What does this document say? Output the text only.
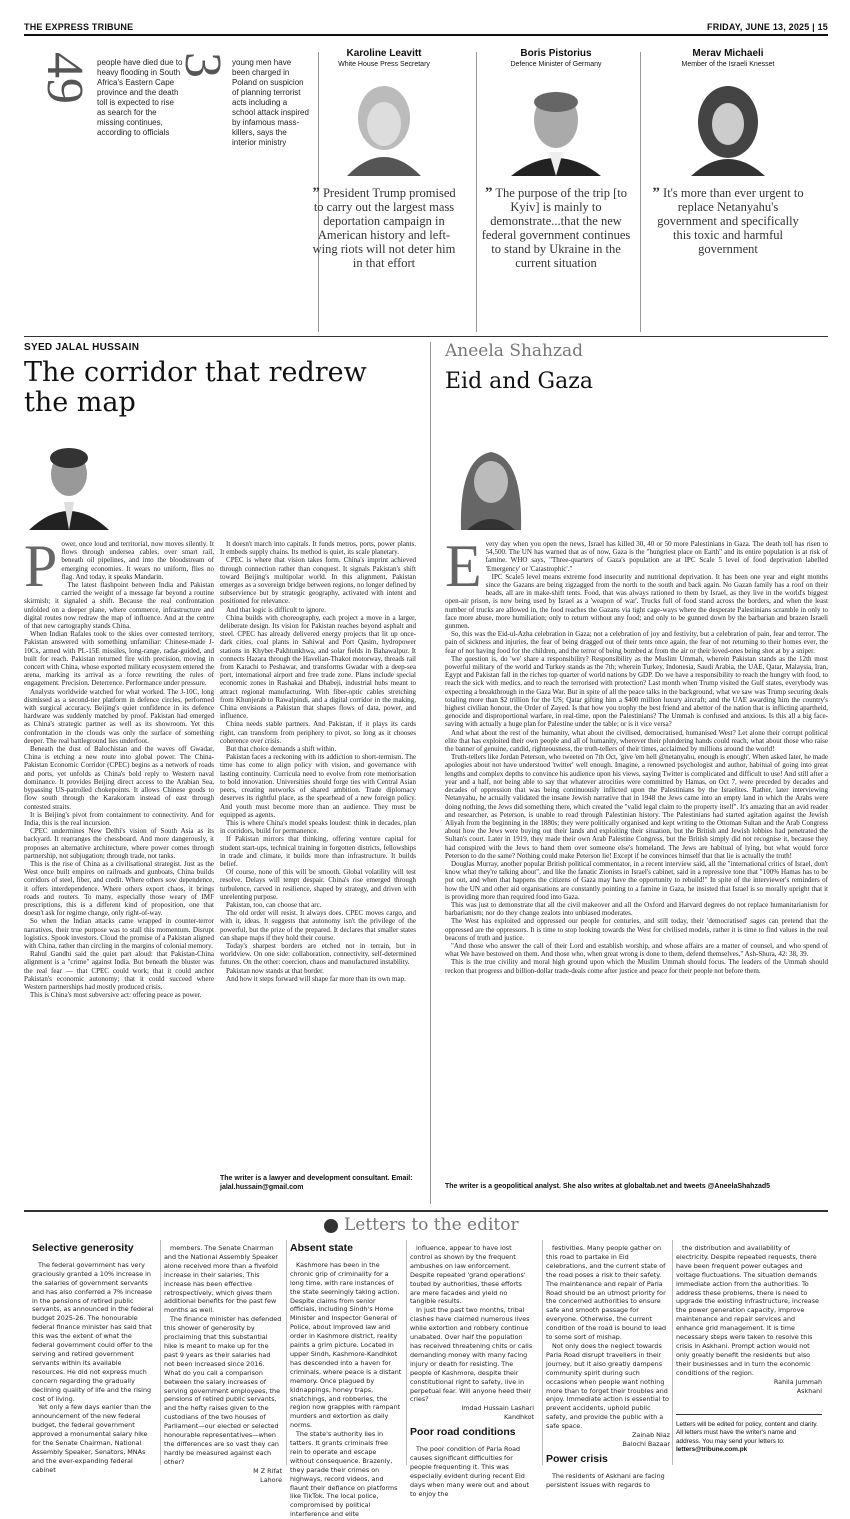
THE EXPRESS TRIBUNE	FRIDAY, JUNE 13, 2025 | 15
49 people have died due to heavy flooding in South Africa's Eastern Cape province and the death toll is expected to rise as search for the missing continues, according to officials
3 young men have been charged in Poland on suspicion of planning terrorist acts including a school attack inspired by infamous mass-killers, says the interior ministry
Karoline Leavitt
White House Press Secretary
” President Trump promised to carry out the largest mass deportation campaign in American history and left-wing riots will not deter him in that effort
Boris Pistorius
Defence Minister of Germany
” The purpose of the trip [to Kyiv] is mainly to demonstrate...that the new federal government continues to stand by Ukraine in the current situation
Merav Michaeli
Member of the Israeli Knesset
” It's more than ever urgent to replace Netanyahu's government and specifically this toxic and harmful government
SYED JALAL HUSSAIN
The corridor that redrew the map

Power, once loud and territorial, now moves silently. It flows through undersea cables, over smart rail, beneath oil pipelines, and into the bloodstream of emerging economies. It wears no uniform, flies no flag. And today, it speaks Mandarin.

The latest flashpoint between India and Pakistan carried the weight of a message far beyond a routine skirmish; it signaled a shift. Because the real confrontation unfolded on a deeper plane, where commerce, infrastructure and digital routes now redraw the map of influence. And at the centre of that new cartography stands China.

When Indian Rafales took to the skies over contested territory, Pakistan answered with something unfamiliar: Chinese-made J-10Cs, armed with PL-15E missiles, long-range, radar-guided, and built for reach. Pakistan returned fire with precision, moving in concert with China, whose exported military ecosystem entered the arena, marking its arrival as a force rewriting the rules of engagement. Precision. Deterrence. Performance under pressure.

Analysts worldwide watched for what worked. The J-10C, long dismissed as a second-tier platform in defence circles, performed with surgical accuracy. Beijing's quiet confidence in its defence hardware was suddenly matched by proof. Pakistan had emerged as China's strategic partner as well as its showroom. Yet this confrontation in the clouds was only the surface of something deeper. The real battleground lies underfoot.

Beneath the dust of Balochistan and the waves off Gwadar, China is etching a new route into global power. The China-Pakistan Economic Corridor (CPEC) begins as a network of roads and ports, yet unfolds as China's bold reply to Western naval dominance. It provides Beijing direct access to the Arabian Sea, bypassing US-patrolled chokepoints. It allows Chinese goods to flow south through the Karakoram instead of east through contested straits.

It is Beijing's pivot from containment to connectivity. And for India, this is the real incursion.

CPEC undermines New Delhi's vision of South Asia as its backyard. It rearranges the chessboard. And more dangerously, it proposes an alternative architecture, where power comes through partnership, not subjugation; through trade, not tanks.

This is the rise of China as a civilisational strategist. Just as the West once built empires on railroads and gunboats, China builds corridors of steel, fiber, and credit. Where others sow dependence, it offers interdependence. Where others export chaos, it brings roads and routers. To many, especially those weary of IMF prescriptions, this is a different kind of proposition, one that doesn't ask for regime change, only right-of-way.

So when the Indian attacks came wrapped in counter-terror narratives, their true purpose was to stall this momentum. Disrupt logistics. Spook investors. Cloud the promise of a Pakistan aligned with China, rather than circling in the margins of colonial memory.

Rahul Gandhi said the quiet part aloud: that Pakistan-China alignment is a "crime" against India. But beneath the bluster was the real fear — that CPEC could work; that it could anchor Pakistan's economic autonomy; that it could succeed where Western partnerships had mostly produced crisis.

This is China's most subversive act: offering peace as power.

It doesn't march into capitals. It funds metros, ports, power plants. It embeds supply chains. Its method is quiet, its scale planetary.

CPEC is where that vision takes form. China's imprint achieved through connection rather than conquest. It signals Pakistan's shift toward Beijing's multipolar world. In this alignment, Pakistan emerges as a sovereign bridge between regions, no longer defined by subservience but by strategic geography, activated with intent and positioned for relevance.

And that logic is difficult to ignore.

China builds with choreography, each project a move in a larger, deliberate design. Its vision for Pakistan reaches beyond asphalt and steel. CPEC has already delivered energy projects that lit up once-dark cities, coal plants in Sahiwal and Port Qasim, hydropower stations in Khyber-Pakhtunkhwa, and solar fields in Bahawalpur. It connects Hazara through the Havelian-Thakot motorway, threads rail from Karachi to Peshawar, and transforms Gwadar with a deep-sea port, international airport and free trade zone. Plans include special economic zones in Rashakai and Dhabeji, industrial hubs meant to attract regional manufacturing. With fiber-optic cables stretching from Khunjerab to Rawalpindi, and a digital corridor in the making, China envisions a Pakistan that shapes flows of data, power, and influence.

China needs stable partners. And Pakistan, if it plays its cards right, can transform from periphery to pivot, so long as it chooses coherence over crisis.

But that choice demands a shift within.

Pakistan faces a reckoning with its addiction to short-termism. The time has come to align policy with vision, and governance with lasting continuity. Curricula need to evolve from rote memorisation to bold innovation. Universities should forge ties with Central Asian peers, creating networks of shared ambition. Trade diplomacy deserves its rightful place, as the spearhead of a new foreign policy. And youth must become more than an audience. They must be equipped as agents.

This is where China's model speaks loudest: think in decades, plan in corridors, build for permanence.

If Pakistan mirrors that thinking, offering venture capital for student start-ups, technical training in forgotten districts, fellowships in trade and climate, it builds more than infrastructure. It builds belief.

Of course, none of this will be smooth. Global volatility will test resolve. Delays will tempt despair. China's rise emerged through turbulence, carved in resilience, shaped by strategy, and driven with unrelenting purpose.

Pakistan, too, can choose that arc.

The old order will resist. It always does. CPEC moves cargo, and with it, ideas. It suggests that autonomy isn't the privilege of the powerful, but the prize of the prepared. It declares that smaller states can shape maps if they hold their course.

Today's sharpest borders are etched not in terrain, but in worldview. On one side: collaboration, connectivity, self-determined futures. On the other: coercion, chaos and manufactured instability.

Pakistan now stands at that border.

And how it steps forward will shape far more than its own map.

The writer is a lawyer and development consultant. Email: jalal.hussain@gmail.com
Aneela Shahzad
Eid and Gaza

Every day when you open the news, Israel has killed 30, 40 or 50 more Palestinians in Gaza. The death toll has risen to 54,500. The UN has warned that as of now, Gaza is the "hungriest place on Earth" and its entire population is at risk of famine. WHO says, "Three-quarters of Gaza's population are at IPC Scale 5 level of food deprivation labelled 'Emergency' or 'Catastrophic'."

IPC Scale5 level means extreme food insecurity and nutritional deprivation. It has been one year and eight months since the Gazans are being zigzagged from the north to the south and back again. No Gazan family has a roof on their heads, all are in make-shift tents. Food, that was always rationed to them by Israel, as they live in the world's biggest open-air prison, is now being used by Israel as a 'weapon of war'. Trucks full of food stand across the borders, and when the least number of trucks are allowed in, the food reaches the Gazans via tight cage-ways where the desperate Palestinians scramble in only to face more abuse, more humiliation; only to return without any food; and only to be gunned down by the barbarian and brazen Israeli gunmen.

So, this was the Eid-ul-Azha celebration in Gaza; not a celebration of joy and festivity, but a celebration of pain, fear and terror. The pain of sickness and injuries, the fear of being dragged out of their tents once again, the fear of not returning to their homes ever, the fear of not having food for the children, and the terror of being bombed at from the air or their loved-ones being shot at by a sniper.

The question is, do 'we' share a responsibility? Responsibility as the Muslim Ummah, wherein Pakistan stands as the 12th most powerful military of the world and Turkey stands as the 7th; wherein Turkey, Indonesia, Saudi Arabia, the UAE, Qatar, Malaysia, Iran, Egypt and Pakistan fall in the riches top quarter of world nations by GDP. Do we have a responsibility to reach the hungry with food, to reach the sick with medics, and to reach the terrorised with protection? Last month when Trump visited the Gulf states, everybody was expecting a breakthrough in the Gaza War. But in spite of all the peace talks in the background, what we saw was Trump securing deals totaling more than $2 trillion for the US; Qatar gifting him a $400 million luxury aircraft; and the UAE awarding him the country's highest civilian honour, the Order of Zayed. Is that how you trophy the best friend and abettor of the nation that is inflicting apartheid, genocide and disproportional warfare, in real-time, upon the Palestinians? The Ummah is confused and anxious. Is this all a big face-saving with actually a huge plan for Palestine under the table; or is it vice versa?

And what about the rest of the humanity, what about the civilised, democratised, humanised West? Let alone their corrupt political elite that has exploited their own people and all of humanity, wherever their plundering hands could reach, what about those who raise the banner of genuine, candid, righteousness, the truth-tellers of their times, acclaimed by millions around the world!

Truth-tellers like Jordan Peterson, who tweeted on 7th Oct, 'give 'em hell @netanyahu, enough is enough'. When asked later, he made apologies about not have understood 'twitter' well enough. Imagine, a renowned psychologist and author, habitual of going into great lengths and complex depths to convince his audience upon his views, saying Twitter is complicated and difficult to use! And still after a year and a half, not being able to say that whatever atrocities were committed by Hamas, on Oct 7, were preceded by decades and decades of oppression that was being continuously inflicted upon the Palestinians by the Israelites. Rather, later interviewing Netanyahu, he actually validated the insane Jewish narrative that in 1948 the Jews came into an empty land in which the Arabs were doing nothing, the Jews did something there, which created the "valid legal claim to the property itself". It's amazing that an avid reader and researcher, as Peterson, is unable to read through Palestinian history. The Palestinians had started agitation against the Jewish Aliyah from the beginning in the 1880s; they were politically organised and kept writing to the Ottoman Sultan and the Arab Congress about how the Jews were buying out their lands and exploiting their situation, but the British and Jewish lobbies had penetrated the Sultan's court. Later in 1919, they made their own Arab Palestine Congress, but the British simply did not recognise it, because they had conspired with the Jews to hand them over someone else's homeland. The Jews are habitual of lying, but what would force Peterson to do the same? Nothing could make Peterson lie! Except if he convinces himself that that lie is actually the truth!

Douglas Murray, another popular British political commentator, in a recent interview said, all the "international critics of Israel, don't know what they're talking about", and like the fanatic Zionists in Israel's cabinet, said in a repressive tone that "100% Hamas has to be put out, and when that happens the citizens of Gaza may have the opportunity to rebuild!" In spite of the interviewer's reminders of how the UN and other aid organisations are constantly pointing to a famine in Gaza, he insisted that Israel is so morally upright that it is providing more than required food into Gaza.

This was just to demonstrate that all the civil makeover and all the Oxford and Harvard degrees do not replace humanitarianism for barbarianism; nor do they change zealots into unbiased moderates.

The West has exploited and oppressed our people for centuries, and still today, their 'democratised' sages can pretend that the oppressed are the oppressors. It is time to stop looking towards the West for civilised models, rather it is time to find values in the real beacons of truth and justice.

"And those who answer the call of their Lord and establish worship, and whose affairs are a matter of counsel, and who spend of what We have bestowed on them. And those who, when great wrong is done to them, defend themselves," Ash-Shura, 42: 38, 39.

This is the true civility and moral high ground upon which the Muslim Ummah should focus. The leaders of the Ummah should reckon that progress and billion-dollar trade-deals come after justice and peace for their people not before them.

The writer is a geopolitical analyst. She also writes at globaltab.net and tweets @AneelaShahzad5
Letters to the editor
Selective generosity

The federal government has very graciously granted a 10% increase in the salaries of government servants and has also conferred a 7% increase in the pensions of retired public servants, as announced in the federal budget 2025-26. The honourable federal finance minister has said that this was the extent of what the federal government could offer to the serving and retired government servants within its available resources. He did not express much concern regarding the gradually declining quality of life and the rising cost of living.

Yet only a few days earlier than the announcement of the new federal budget, the federal government approved a monumental salary hike for the Senate Chairman, National Assembly Speaker, Senators, MNAs and the ever-expanding federal cabinet

members. The Senate Chairman and the National Assembly Speaker alone received more than a fivefold increase in their salaries. This increase has been effective retrospectively, which gives them additional benefits for the past few months as well.

The finance minister has defended this shower of generosity by proclaiming that this substantial hike is meant to make up for the past 9 years as their salaries had not been increased since 2016. What do you call a comparison between the salary increases of serving government employees, the pensions of retired public servants, and the hefty raises given to the custodians of the two houses of Parliament—our elected or selected honourable representatives—when the differences are so vast they can hardly be measured against each other?

M Z Rifat

Lahore

Absent state

Kashmore has been in the chronic grip of criminality for a long time, with rare instances of the state seemingly taking action. Despite claims from senior officials, including Sindh's Home Minister and Inspector General of Police, about improved law and order in Kashmore district, reality paints a grim picture. Located in upper Sindh, Kashmore-Kandhkot has descended into a haven for criminals, where peace is a distant memory. Once plagued by kidnappings, honey traps, snatchings, and robberies, the region now grapples with rampant murders and extortion as daily norms.

The state's authority lies in tatters. It grants criminals free rein to operate and escape without consequence. Brazenly, they parade their crimes on highways, record videos, and flaunt their defiance on platforms like TikTok. The local police, compromised by political interference and elite

influence, appear to have lost control as shown by the frequent ambushes on law enforcement. Despite repeated 'grand operations' touted by authorities, these efforts are mere facades and yield no tangible results.

In just the past two months, tribal clashes have claimed numerous lives while extortion and robbery continue unabated. Over half the population has received threatening chits or calls demanding money with many facing injury or death for resisting. The people of Kashmore, despite their constitutional right to safety, live in perpetual fear. Will anyone heed their cries?

Imdad Hussain Lashari

Kandhkot

Poor road conditions

The poor condition of Parla Road causes significant difficulties for people frequenting it. This was especially evident during recent Eid days when many were out and about to enjoy the

festivities. Many people gather on this road to partake in Eid celebrations, and the current state of the road poses a risk to their safety. The maintenance and repair of Parla Road should be an utmost priority for the concerned authorities to ensure safe and smooth passage for everyone. Otherwise, the current condition of the road is bound to lead to some sort of mishap.

Not only does the neglect towards Parla Road disrupt travellers in their journey, but it also greatly dampens community spirit during such occasions when people want nothing more than to forget their troubles and enjoy. Immediate action is essential to prevent accidents, uphold public safety, and provide the public with a safe space.

Zainab Niaz

Balochi Bazaar

Power crisis

The residents of Askhani are facing persistent issues with regards to

the distribution and availability of electricity. Despite repeated requests, there have been frequent power outages and voltage fluctuations. The situation demands immediate action from the authorities. To address these problems, there is need to upgrade the existing infrastructure, increase the power generation capacity, improve maintenance and repair services and enhance grid management. It is time necessary steps were taken to resolve this crisis in Askhani. Prompt action would not only greatly benefit the residents but also their businesses and in turn the economic conditions of the region.

Rahila Jummah

Askhani

Letters will be edited for policy, content and clarity. All letters must have the writer's name and address. You may send your letters to:
letters@tribune.com.pk
